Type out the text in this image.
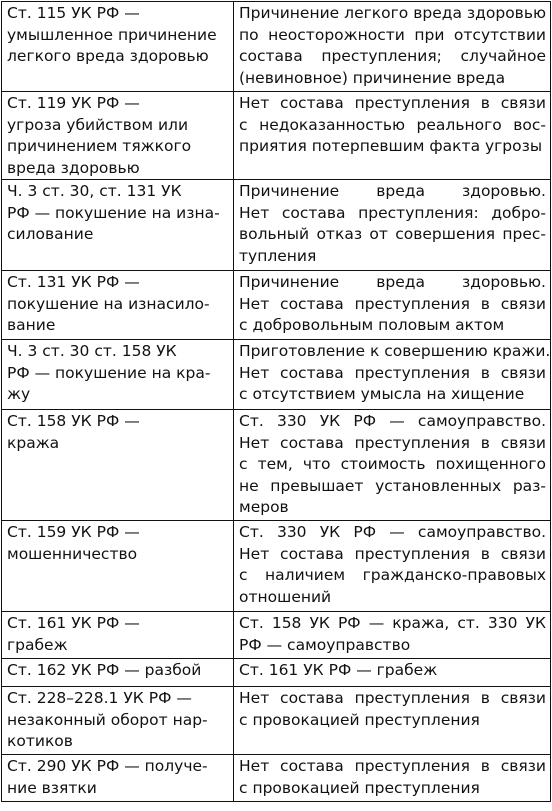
Ст. 115 УК РФ —
умышленное причинение
легкого вреда здоровью
Причинение легкого вреда здоровью
по неосторожности при отсутствии
состава преступления; случайное
(невиновное) причинение вреда
Ст. 119 УК РФ —
угроза убийством или
причинением тяжкого
вреда здоровью
Нет состава преступления в связи
с недоказанностью реального вос-
приятия потерпевшим факта угрозы
Ч. 3 ст. 30, ст. 131 УК
РФ — покушение на изна-
силование
Причинение вреда здоровью.
Нет состава преступления: добро-
вольный отказ от совершения прес-
тупления
Ст. 131 УК РФ —
покушение на изнасило-
вание
Причинение вреда здоровью.
Нет состава преступления в связи
с добровольным половым актом
Ч. 3 ст. 30 ст. 158 УК
РФ — покушение на кра-
жу
Приготовление к совершению кражи.
Нет состава преступления в связи
с отсутствием умысла на хищение
Ст. 158 УК РФ —
кража
Ст. 330 УК РФ — самоуправство.
Нет состава преступления в связи
с тем, что стоимость похищенного
не превышает установленных раз-
меров
Ст. 159 УК РФ —
мошенничество
Ст. 330 УК РФ — самоуправство.
Нет состава преступления в связи
с наличием гражданско-правовых
отношений
Ст. 161 УК РФ —
грабеж
Ст. 158 УК РФ — кража, ст. 330 УК
РФ — самоуправство
Ст. 162 УК РФ — разбой	Ст. 161 УК РФ — грабеж
Ст. 228–228.1 УК РФ —
незаконный оборот нар-
котиков
Нет состава преступления в связи
с провокацией преступления
Ст. 290 УК РФ — получе-
ние взятки
Нет состава преступления в связи
с провокацией преступления
